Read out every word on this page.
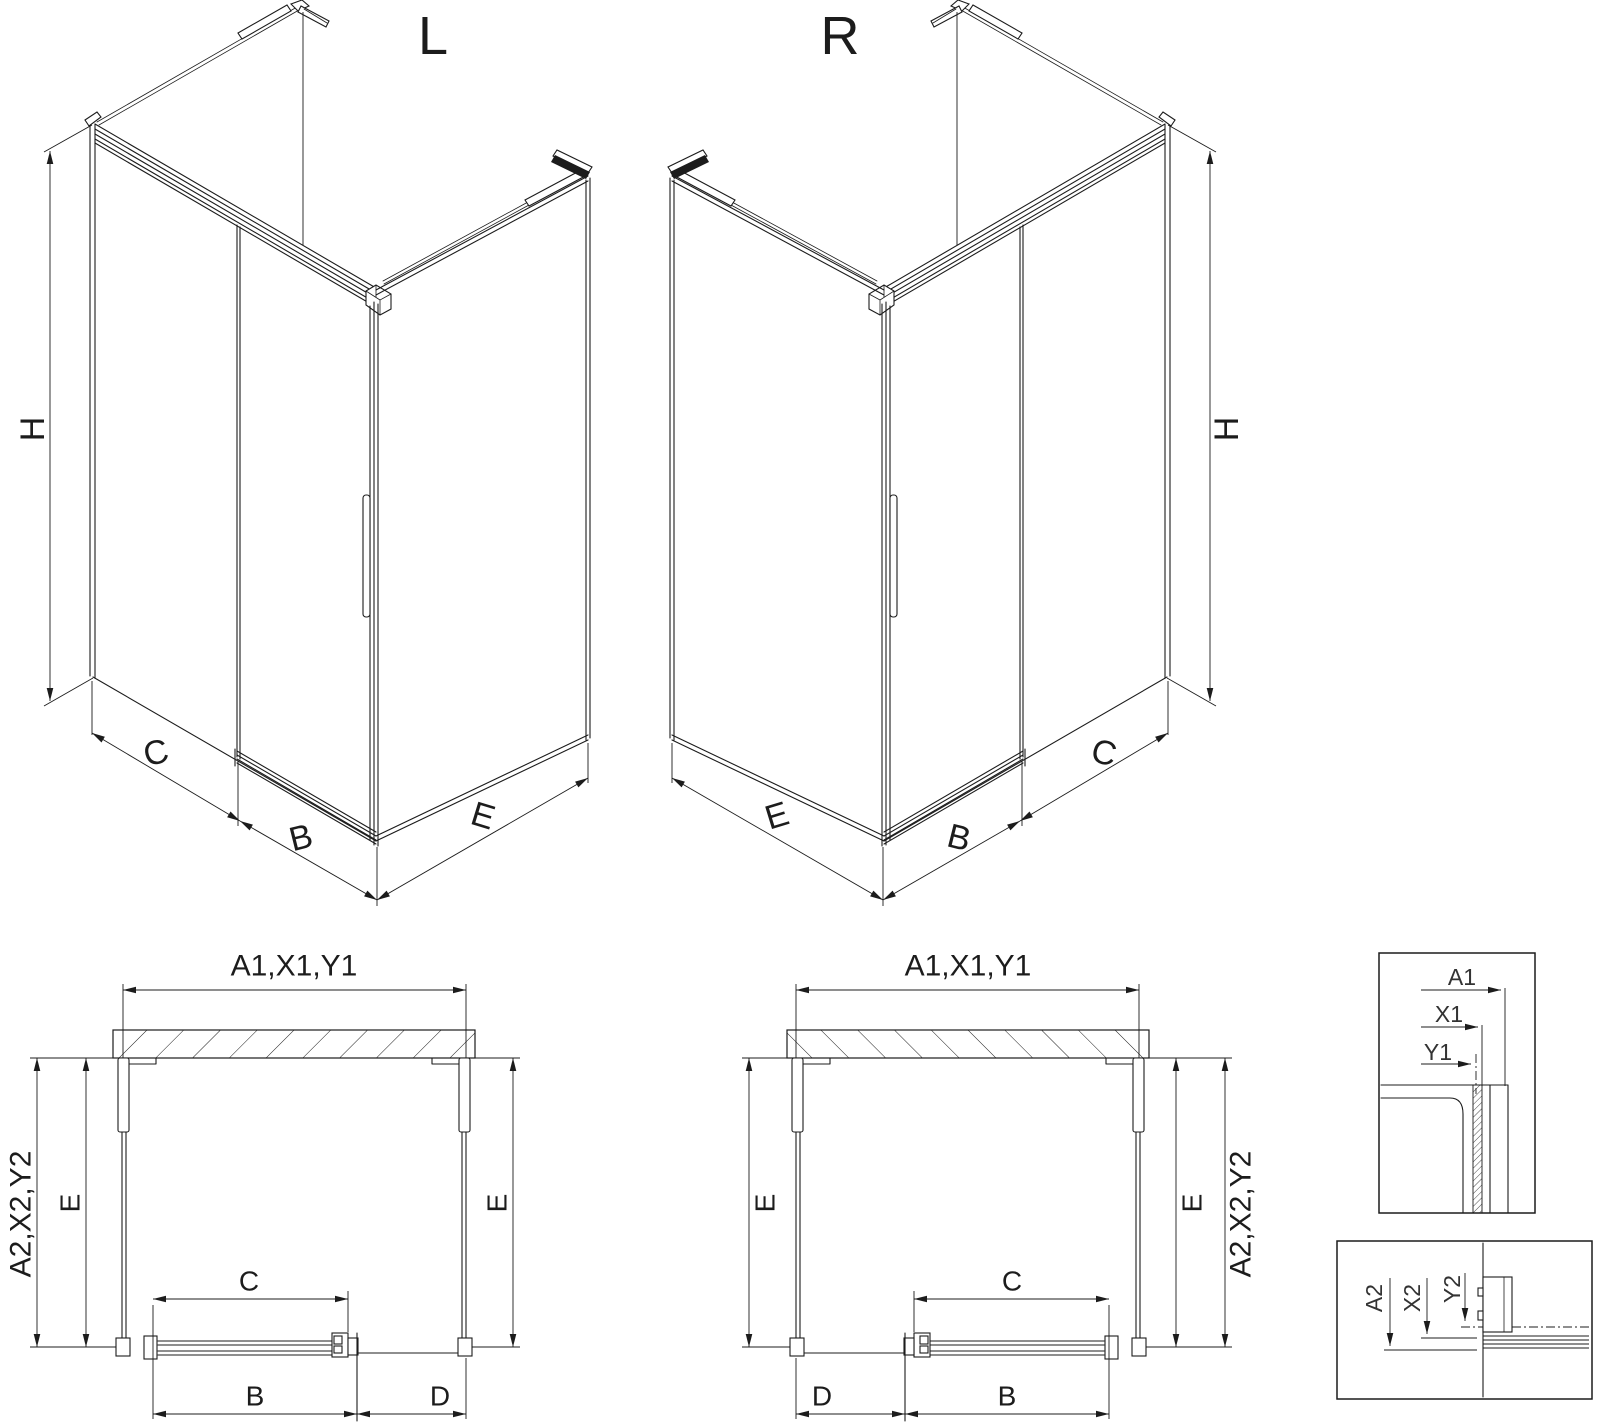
L
H
C
B
E
R
H
C
B
E
A1,X1,Y1
A2,X2,Y2 E	E
C
B	D
A1,X1,Y1
A2,X2,Y2
E	E
C
B
D
A1
X1
Y1
A2 X2 Y2
